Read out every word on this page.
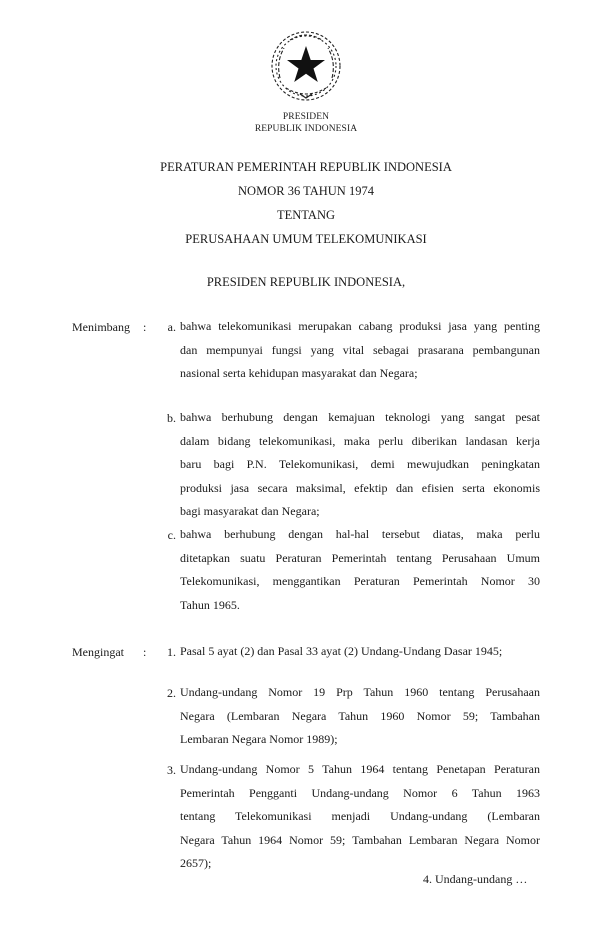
PRESIDEN
REPUBLIK INDONESIA
PERATURAN PEMERINTAH REPUBLIK INDONESIA
NOMOR 36 TAHUN 1974
TENTANG
PERUSAHAAN UMUM TELEKOMUNIKASI
PRESIDEN REPUBLIK INDONESIA,
Menimbang :	a. bahwa telekomunikasi merupakan cabang produksi jasa yang penting
dan mempunyai fungsi yang vital sebagai prasarana pembangunan
nasional serta kehidupan masyarakat dan Negara;
b. bahwa berhubung dengan kemajuan teknologi yang sangat pesat
dalam bidang telekomunikasi, maka perlu diberikan landasan kerja
baru bagi P.N. Telekomunikasi, demi mewujudkan peningkatan
produksi jasa secara maksimal, efektip dan efisien serta ekonomis
bagi masyarakat dan Negara;
c. bahwa berhubung dengan hal-hal tersebut diatas, maka perlu
ditetapkan suatu Peraturan Pemerintah tentang Perusahaan Umum
Telekomunikasi, menggantikan Peraturan Pemerintah Nomor 30
Tahun 1965.
Mengingat :	1. Pasal 5 ayat (2) dan Pasal 33 ayat (2) Undang-Undang Dasar 1945;
2. Undang-undang Nomor 19 Prp Tahun 1960 tentang Perusahaan
Negara (Lembaran Negara Tahun 1960 Nomor 59; Tambahan
Lembaran Negara Nomor 1989);
3. Undang-undang Nomor 5 Tahun 1964 tentang Penetapan Peraturan
Pemerintah Pengganti Undang-undang Nomor 6 Tahun 1963
tentang Telekomunikasi menjadi Undang-undang (Lembaran
Negara Tahun 1964 Nomor 59; Tambahan Lembaran Negara Nomor
2657);
4. Undang-undang …
